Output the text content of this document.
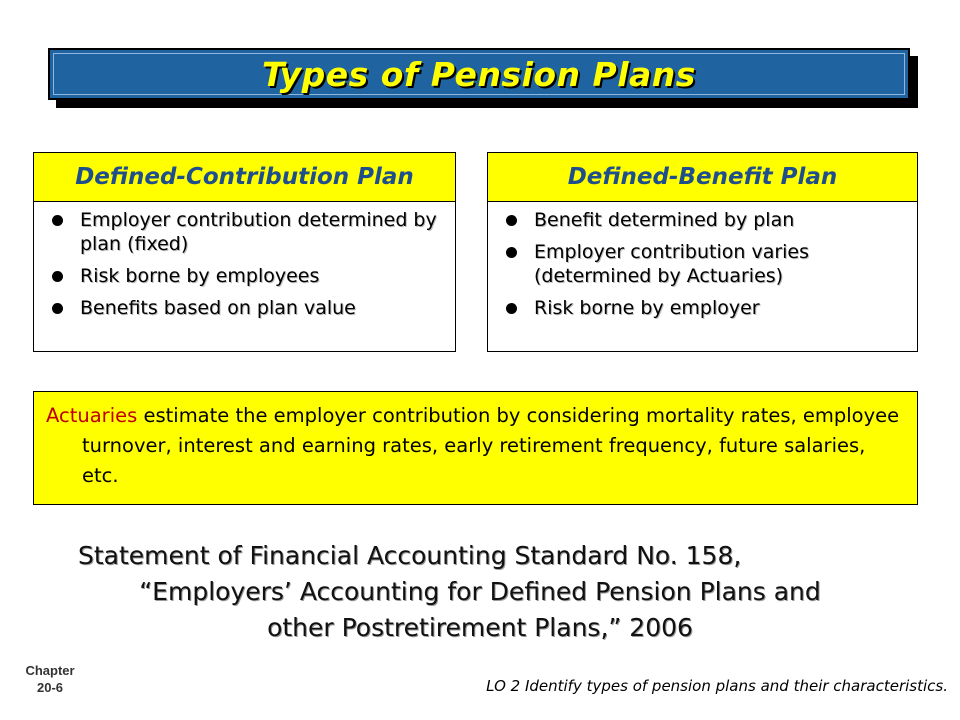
Types of Pension Plans
Defined-Contribution Plan
Employer contribution determined by plan (fixed)
Risk borne by employees
Benefits based on plan value
Defined-Benefit Plan
Benefit determined by plan
Employer contribution varies (determined by Actuaries)
Risk borne by employer
Actuaries estimate the employer contribution by considering mortality rates, employee turnover, interest and earning rates, early retirement frequency, future salaries, etc.
Statement of Financial Accounting Standard No. 158,
“Employers’ Accounting for Defined Pension Plans and
other Postretirement Plans,” 2006
Chapter
20-6	LO 2 Identify types of pension plans and their characteristics.
